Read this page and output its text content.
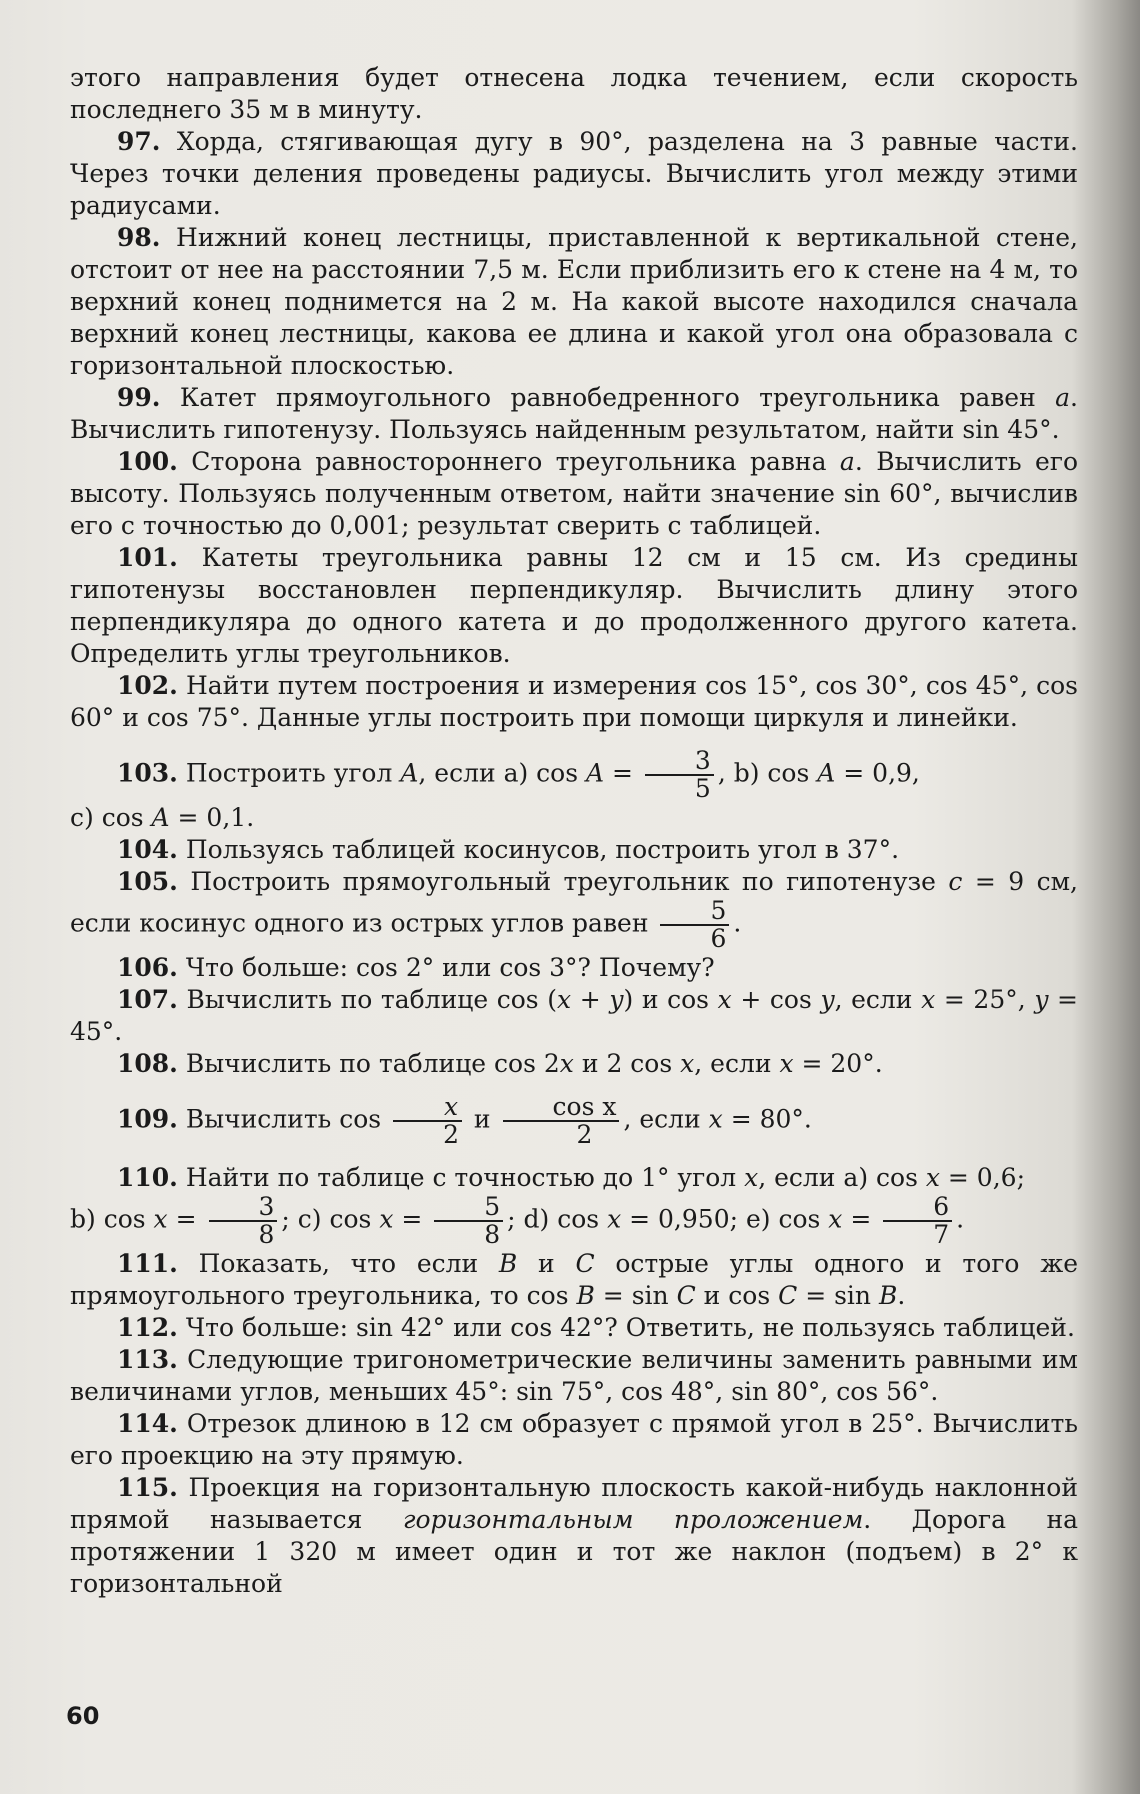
этого направления будет отнесена лодка течением, если скорость последнего 35 м в минуту.

97. Хорда, стягивающая дугу в 90°, разделена на 3 равные части. Через точки деления проведены радиусы. Вычислить угол между этими радиусами.

98. Нижний конец лестницы, приставленной к вертикальной стене, отстоит от нее на расстоянии 7,5 м. Если приблизить его к стене на 4 м, то верхний конец поднимется на 2 м. На какой высоте находился сначала верхний конец лестницы, какова ее длина и какой угол она образовала с горизонтальной плоскостью.

99. Катет прямоугольного равнобедренного треугольника равен a. Вычислить гипотенузу. Пользуясь найденным результатом, найти sin 45°.

100. Сторона равностороннего треугольника равна a. Вычислить его высоту. Пользуясь полученным ответом, найти значение sin 60°, вычислив его с точностью до 0,001; результат сверить с таблицей.

101. Катеты треугольника равны 12 см и 15 см. Из средины гипотенузы восстановлен перпендикуляр. Вычислить длину этого перпендикуляра до одного катета и до продолженного другого катета. Определить углы треугольников.

102. Найти путем построения и измерения cos 15°, cos 30°, cos 45°, cos 60° и cos 75°. Данные углы построить при помощи циркуля и линейки.

103. Построить угол A, если a) $\cos A = \frac{3}{5}$ , b) cos A = 0,9,
c) cos A = 0,1.

104. Пользуясь таблицей косинусов, построить угол в 37°.

105. Построить прямоугольный треугольник по гипотенузе c = 9 см, если косинус одного из острых углов равен $\frac{5}{6}$ .

106. Что больше: cos 2° или cos 3°? Почему?

107. Вычислить по таблице cos (x + y) и cos x + cos y, если x = 25°, y = 45°.

108. Вычислить по таблице cos 2x и 2 cos x, если x = 20°.

109. Вычислить $\cos \frac{x}{2}$ и $\frac{\text{cos x}}{2}$ , если x = 80°.

110. Найти по таблице с точностью до 1° угол x, если a) cos x = 0,6;
b) $\cos x = \frac{3}{8}$ ; c) $\cos x = \frac{5}{8}$ ; d) cos x = 0,950; e) $\cos x = \frac{6}{7}$ .

111. Показать, что если B и C острые углы одного и того же прямоугольного треугольника, то cos B = sin C и cos C = sin B.

112. Что больше: sin 42° или cos 42°? Ответить, не пользуясь таблицей.

113. Следующие тригонометрические величины заменить равными им величинами углов, меньших 45°: sin 75°, cos 48°, sin 80°, cos 56°.

114. Отрезок длиною в 12 см образует с прямой угол в 25°. Вычислить его проекцию на эту прямую.

115. Проекция на горизонтальную плоскость какой-нибудь наклонной прямой называется горизонтальным проложением. Дорога на протяжении 1 320 м имеет один и тот же наклон (подъем) в 2° к горизонтальной

60
